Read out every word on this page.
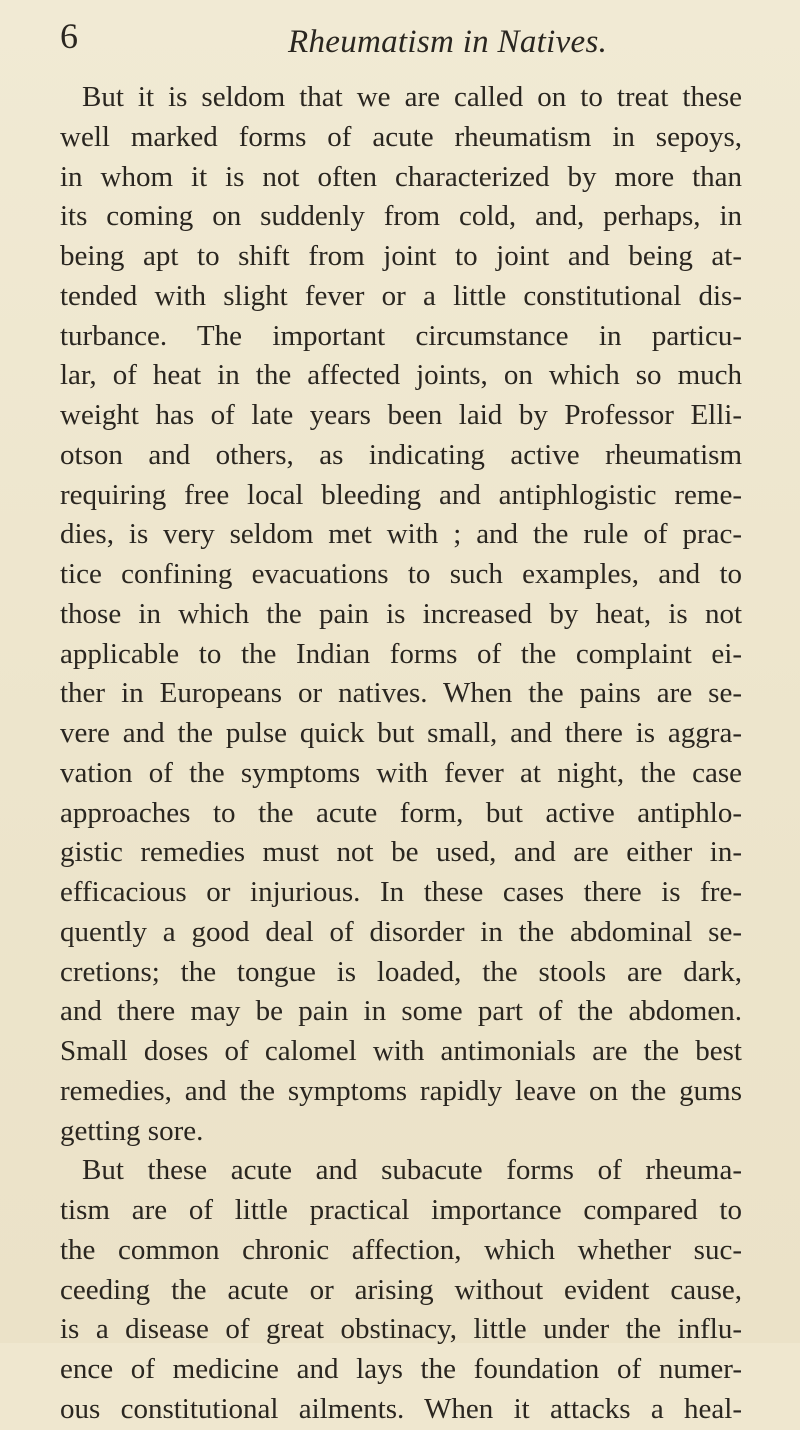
6	Rheumatism in Natives.
But it is seldom that we are called on to treat these
well marked forms of acute rheumatism in sepoys,
in whom it is not often characterized by more than
its coming on suddenly from cold, and, perhaps, in
being apt to shift from joint to joint and being at-
tended with slight fever or a little constitutional dis-
turbance. The important circumstance in particu-
lar, of heat in the affected joints, on which so much
weight has of late years been laid by Professor Elli-
otson and others, as indicating active rheumatism
requiring free local bleeding and antiphlogistic reme-
dies, is very seldom met with ; and the rule of prac-
tice confining evacuations to such examples, and to
those in which the pain is increased by heat, is not
applicable to the Indian forms of the complaint ei-
ther in Europeans or natives. When the pains are se-
vere and the pulse quick but small, and there is aggra-
vation of the symptoms with fever at night, the case
approaches to the acute form, but active antiphlo-
gistic remedies must not be used, and are either in-
efficacious or injurious. In these cases there is fre-
quently a good deal of disorder in the abdominal se-
cretions; the tongue is loaded, the stools are dark,
and there may be pain in some part of the abdomen.
Small doses of calomel with antimonials are the best
remedies, and the symptoms rapidly leave on the gums
getting sore.
But these acute and subacute forms of rheuma-
tism are of little practical importance compared to
the common chronic affection, which whether suc-
ceeding the acute or arising without evident cause,
is a disease of great obstinacy, little under the influ-
ence of medicine and lays the foundation of numer-
ous constitutional ailments. When it attacks a heal-
